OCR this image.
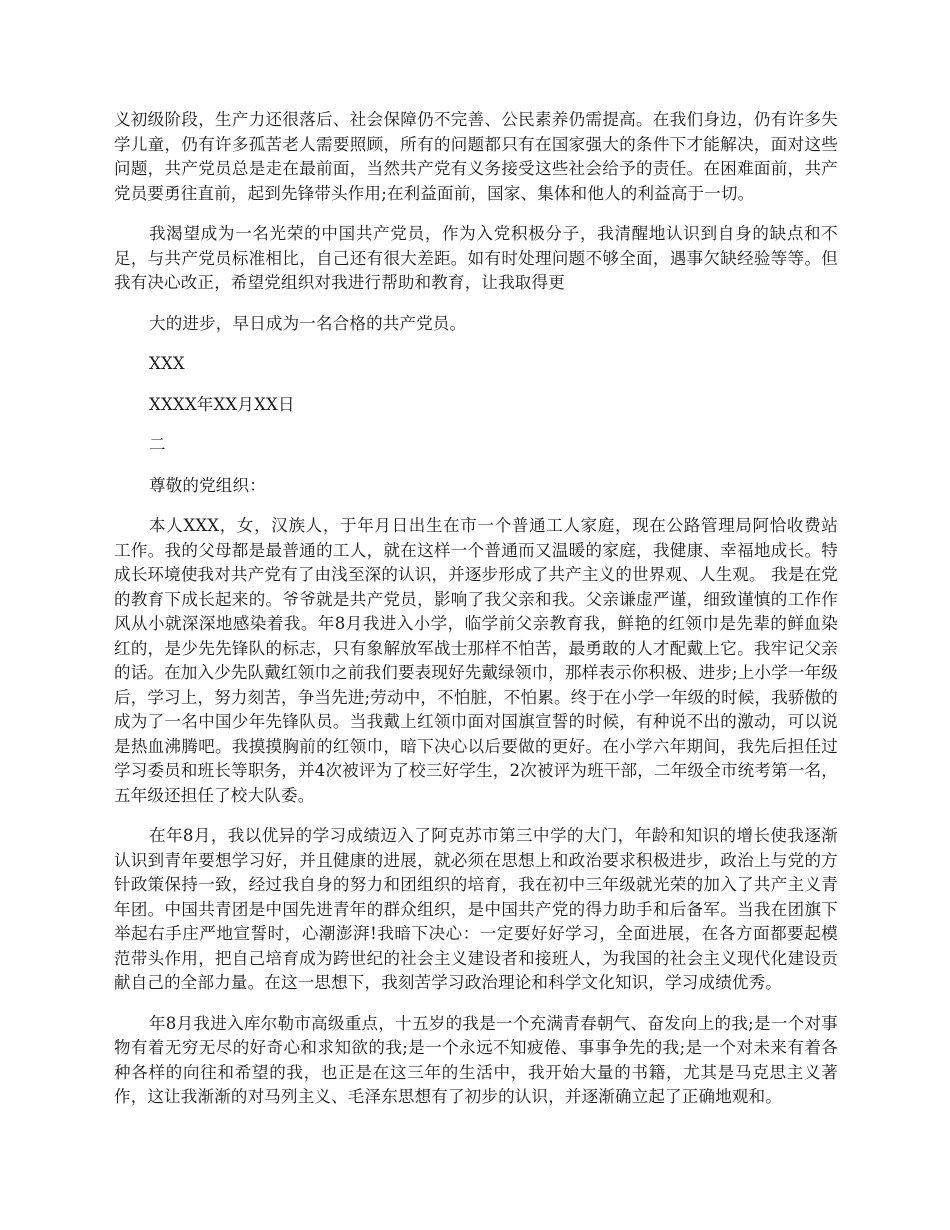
义初级阶段，生产力还很落后、社会保障仍不完善、公民素养仍需提高。在我们身边，仍有许多失学儿童，仍有许多孤苦老人需要照顾，所有的问题都只有在国家强大的条件下才能解决，面对这些问题，共产党员总是走在最前面，当然共产党有义务接受这些社会给予的责任。在困难面前，共产党员要勇往直前，起到先锋带头作用;在利益面前，国家、集体和他人的利益高于一切。

我渴望成为一名光荣的中国共产党员，作为入党积极分子，我清醒地认识到自身的缺点和不足，与共产党员标准相比，自己还有很大差距。如有时处理问题不够全面，遇事欠缺经验等等。但我有决心改正，希望党组织对我进行帮助和教育，让我取得更

大的进步，早日成为一名合格的共产党员。

XXX

XXXX年XX月XX日

二

尊敬的党组织：

本人XXX，女，汉族人，于年月日出生在市一个普通工人家庭，现在公路管理局阿恰收费站 工作。我的父母都是最普通的工人，就在这样一个普通而又温暖的家庭，我健康、幸福地成长。特成长环境使我对共产党有了由浅至深的认识，并逐步形成了共产主义的世界观、人生观。 我是在党的教育下成长起来的。爷爷就是共产党员，影响了我父亲和我。父亲谦虚严谨，细致谨慎的工作作风从小就深深地感染着我。年8月我进入小学，临学前父亲教育我，鲜艳的红领巾是先辈的鲜血染红的，是少先先锋队的标志，只有象解放军战士那样不怕苦，最勇敢的人才配戴上它。我牢记父亲的话。在加入少先队戴红领巾之前我们要表现好先戴绿领巾，那样表示你积极、进步;上小学一年级后，学习上，努力刻苦，争当先进;劳动中，不怕脏，不怕累。终于在小学一年级的时候，我骄傲的成为了一名中国少年先锋队员。当我戴上红领巾面对国旗宣誓的时候，有种说不出的激动，可以说是热血沸腾吧。我摸摸胸前的红领巾，暗下决心以后要做的更好。在小学六年期间，我先后担任过学习委员和班长等职务，并4次被评为了校三好学生，2次被评为班干部，二年级全市统考第一名，五年级还担任了校大队委。

在年8月，我以优异的学习成绩迈入了阿克苏市第三中学的大门，年龄和知识的增长使我逐渐认识到青年要想学习好，并且健康的进展，就必须在思想上和政治要求积极进步，政治上与党的方针政策保持一致，经过我自身的努力和团组织的培育，我在初中三年级就光荣的加入了共产主义青年团。中国共青团是中国先进青年的群众组织，是中国共产党的得力助手和后备军。当我在团旗下举起右手庄严地宣誓时，心潮澎湃!我暗下决心：一定要好好学习，全面进展，在各方面都要起模范带头作用，把自己培育成为跨世纪的社会主义建设者和接班人，为我国的社会主义现代化建设贡献自己的全部力量。在这一思想下，我刻苦学习政治理论和科学文化知识，学习成绩优秀。

年8月我进入库尔勒市高级重点，十五岁的我是一个充满青春朝气、奋发向上的我;是一个对事物有着无穷无尽的好奇心和求知欲的我;是一个永远不知疲倦、事事争先的我;是一个对未来有着各种各样的向往和希望的我，也正是在这三年的生活中，我开始大量的书籍，尤其是马克思主义著作，这让我渐渐的对马列主义、毛泽东思想有了初步的认识，并逐渐确立起了正确地观和。
